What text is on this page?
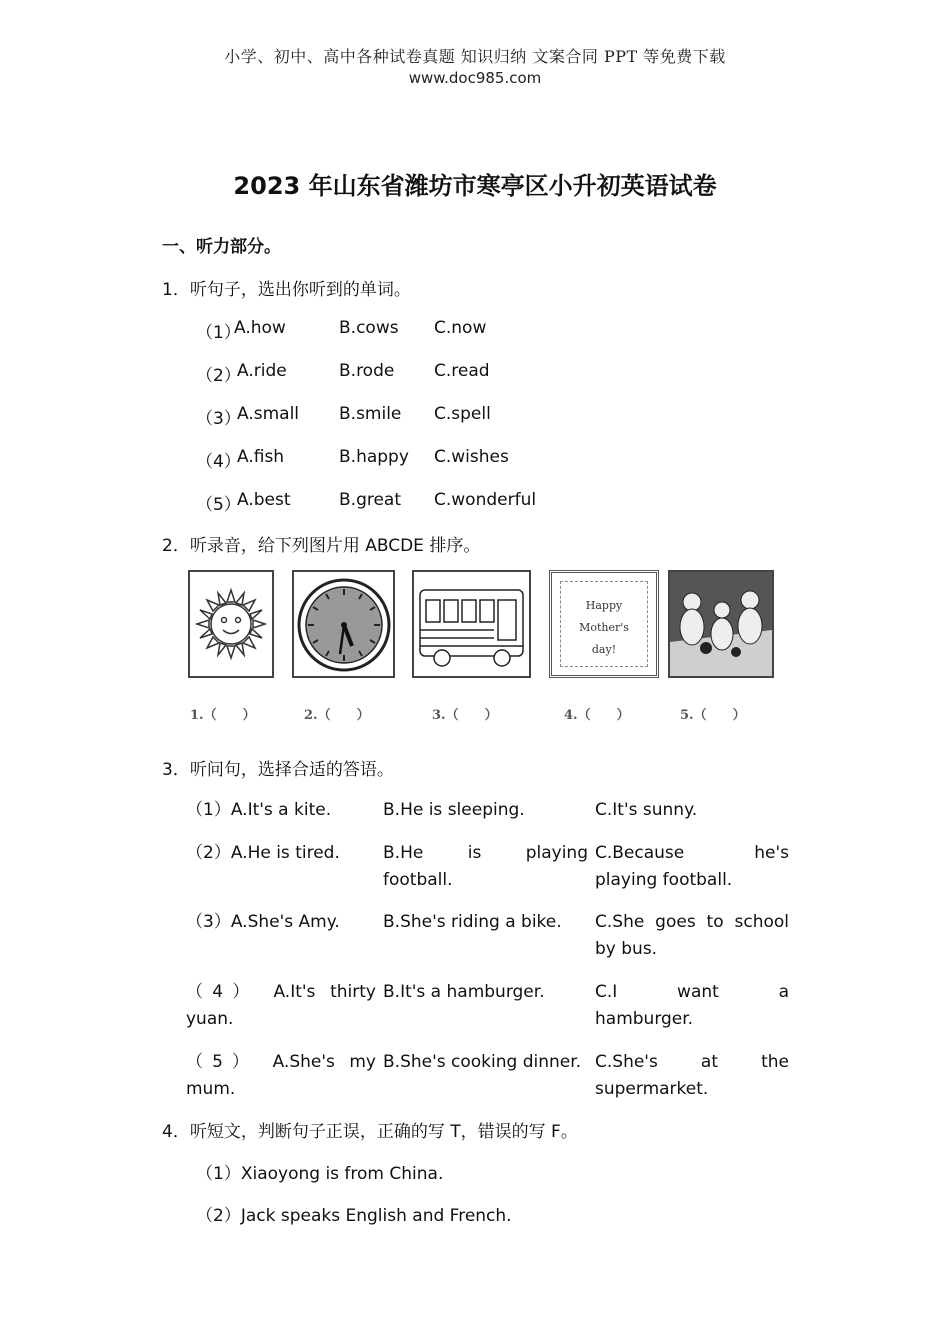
小学、初中、高中各种试卷真题 知识归纳 文案合同 PPT 等免费下载
www.doc985.com
2023 年山东省潍坊市寒亭区小升初英语试卷
一、听力部分。
1．听句子，选出你听到的单词。
（1）
A.how	B.cows C.now
（2）
A.ride	B.rode C.read
（3）
A.small B.smile C.spell
（4）
A.fish	B.happy C.wishes
（5）
A.best	B.great C.wonderful
2．听录音，给下列图片用 ABCDE 排序。
Happy
Mother's
day!
1.（　　）	2.（　　）	3.（　　）	4.（　　）	5.（　　）
3．听问句，选择合适的答语。
（1）A.It's a kite.	B.He is sleeping.	C.It's sunny.
（2）A.He is tired.	B.He is playing
football.
C.Because he's
playing football.
（3）A.She's Amy.	B.She's riding a bike.	C.She goes to school
by bus.
（4） A.It's thirty
yuan.
B.It's a hamburger.	C.I want a
hamburger.
（5） A.She's my
mum.
B.She's cooking dinner. C.She's at the
supermarket.
4．听短文，判断句子正误，正确的写 T，错误的写 F。
（1）Xiaoyong is from China.
（2）Jack speaks English and French.
